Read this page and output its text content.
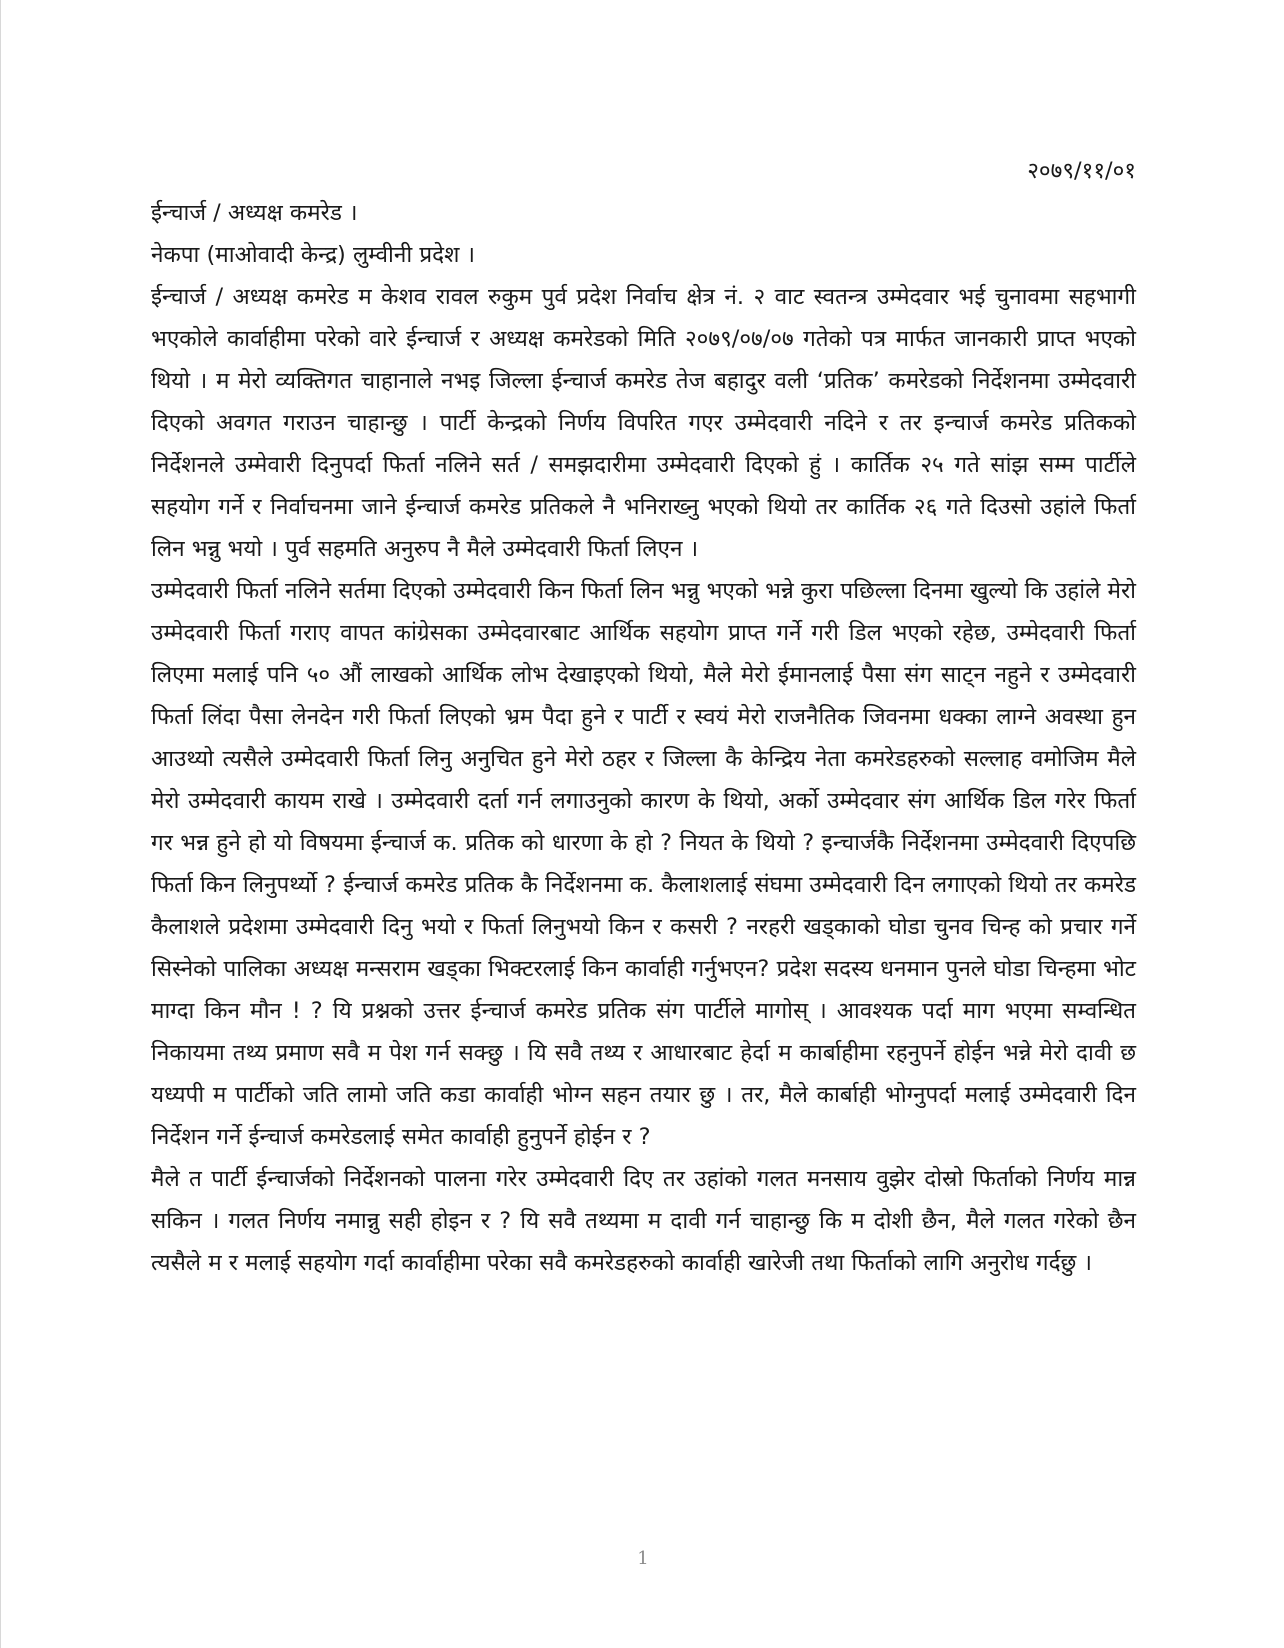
२०७९/११/०१

ईन्चार्ज / अध्यक्ष कमरेड ।

नेकपा (माओवादी केन्द्र) लुम्वीनी प्रदेश ।

ईन्चार्ज / अध्यक्ष कमरेड म केशव रावल रुकुम पुर्व प्रदेश निर्वाच क्षेत्र नं. २ वाट स्वतन्त्र उम्मेदवार भई चुनावमा सहभागी भएकोले कार्वाहीमा परेको वारे ईन्चार्ज र अध्यक्ष कमरेडको मिति २०७९/०७/०७ गतेको पत्र मार्फत जानकारी प्राप्त भएको थियो । म मेरो व्यक्तिगत चाहानाले नभइ जिल्ला ईन्चार्ज कमरेड तेज बहादुर वली ‘प्रतिक’ कमरेडको निर्देशनमा उम्मेदवारी दिएको अवगत गराउन चाहान्छु । पार्टी केन्द्रको निर्णय विपरित गएर उम्मेदवारी नदिने र तर इन्चार्ज कमरेड प्रतिकको निर्देशनले उम्मेवारी दिनुपर्दा फिर्ता नलिने सर्त / समझदारीमा उम्मेदवारी दिएको हुं । कार्तिक २५ गते सांझ सम्म पार्टीले सहयोग गर्ने र निर्वाचनमा जाने ईन्चार्ज कमरेड प्रतिकले नै भनिराख्नु भएको थियो तर कार्तिक २६ गते दिउसो उहांले फिर्ता लिन भन्नु भयो । पुर्व सहमति अनुरुप नै मैले उम्मेदवारी फिर्ता लिएन ।

उम्मेदवारी फिर्ता नलिने सर्तमा दिएको उम्मेदवारी किन फिर्ता लिन भन्नु भएको भन्ने कुरा पछिल्ला दिनमा खुल्यो कि उहांले मेरो उम्मेदवारी फिर्ता गराए वापत कांग्रेसका उम्मेदवारबाट आर्थिक सहयोग प्राप्त गर्ने गरी डिल भएको रहेछ, उम्मेदवारी फिर्ता लिएमा मलाई पनि ५० औं लाखको आर्थिक लोभ देखाइएको थियो, मैले मेरो ईमानलाई पैसा संग साट्न नहुने र उम्मेदवारी फिर्ता लिंदा पैसा लेनदेन गरी फिर्ता लिएको भ्रम पैदा हुने र पार्टी र स्वयं मेरो राजनैतिक जिवनमा धक्का लाग्ने अवस्था हुन आउथ्यो त्यसैले उम्मेदवारी फिर्ता लिनु अनुचित हुने मेरो ठहर र जिल्ला कै केन्द्रिय नेता कमरेडहरुको सल्लाह वमोजिम मैले मेरो उम्मेदवारी कायम राखे । उम्मेदवारी दर्ता गर्न लगाउनुको कारण के थियो, अर्को उम्मेदवार संग आर्थिक डिल गरेर फिर्ता गर भन्न हुने हो यो विषयमा ईन्चार्ज क. प्रतिक को धारणा के हो ? नियत के थियो ? इन्चार्जकै निर्देशनमा उम्मेदवारी दिएपछि फिर्ता किन लिनुपर्थ्यो ? ईन्चार्ज कमरेड प्रतिक कै निर्देशनमा क. कैलाशलाई संघमा उम्मेदवारी दिन लगाएको थियो तर कमरेड कैलाशले प्रदेशमा उम्मेदवारी दिनु भयो र फिर्ता लिनुभयो किन र कसरी ? नरहरी खड्काको घोडा चुनव चिन्ह को प्रचार गर्ने सिस्नेको पालिका अध्यक्ष मन्सराम खड्का भिक्टरलाई किन कार्वाही गर्नुभएन? प्रदेश सदस्य धनमान पुनले घोडा चिन्हमा भोट माग्दा किन मौन ! ? यि प्रश्नको उत्तर ईन्चार्ज कमरेड प्रतिक संग पार्टीले मागोस् । आवश्यक पर्दा माग भएमा सम्वन्धित निकायमा तथ्य प्रमाण सवै म पेश गर्न सक्छु । यि सवै तथ्य र आधारबाट हेर्दा म कार्बाहीमा रहनुपर्ने होईन भन्ने मेरो दावी छ यध्यपी म पार्टीको जति लामो जति कडा कार्वाही भोग्न सहन तयार छु । तर, मैले कार्बाही भोग्नुपर्दा मलाई उम्मेदवारी दिन निर्देशन गर्ने ईन्चार्ज कमरेडलाई समेत कार्वाही हुनुपर्ने होईन र ?

मैले त पार्टी ईन्चार्जको निर्देशनको पालना गरेर उम्मेदवारी दिए तर उहांको गलत मनसाय वुझेर दोस्रो फिर्ताको निर्णय मान्न सकिन । गलत निर्णय नमान्नु सही होइन र ? यि सवै तथ्यमा म दावी गर्न चाहान्छु कि म दोशी छैन, मैले गलत गरेको छैन त्यसैले म र मलाई सहयोग गर्दा कार्वाहीमा परेका सवै कमरेडहरुको कार्वाही खारेजी तथा फिर्ताको लागि अनुरोध गर्दछु ।

1
